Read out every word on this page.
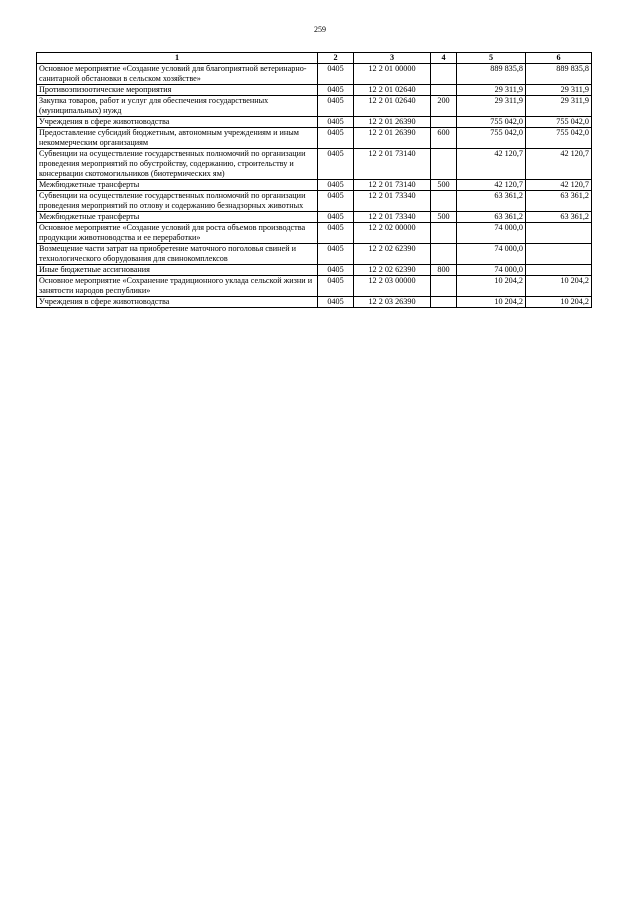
259
1	2	3	4	5	6
Основное мероприятие «Создание условий для благоприятной ветеринарно-санитарной обстановки в сельском хозяйстве»	0405	12 2 01 00000		889 835,8	889 835,8
Противоэпизоотические мероприятия	0405	12 2 01 02640		29 311,9	29 311,9
Закупка товаров, работ и услуг для обеспечения государственных (муниципальных) нужд	0405	12 2 01 02640	200	29 311,9	29 311,9
Учреждения в сфере животноводства	0405	12 2 01 26390		755 042,0	755 042,0
Предоставление субсидий бюджетным, автономным учреждениям и иным некоммерческим организациям	0405	12 2 01 26390	600	755 042,0	755 042,0
Субвенции на осуществление государственных полномочий по организации проведения мероприятий по обустройству, содержанию, строительству и консервации скотомогильников (биотермических ям)	0405	12 2 01 73140		42 120,7	42 120,7
Межбюджетные трансферты	0405	12 2 01 73140	500	42 120,7	42 120,7
Субвенции на осуществление государственных полномочий по организации проведения мероприятий по отлову и содержанию безнадзорных животных	0405	12 2 01 73340		63 361,2	63 361,2
Межбюджетные трансферты	0405	12 2 01 73340	500	63 361,2	63 361,2
Основное мероприятие «Создание условий для роста объемов производства продукции животноводства и ее переработки»	0405	12 2 02 00000		74 000,0	
Возмещение части затрат на приобретение маточного поголовья свиней и технологического оборудования для свинокомплексов	0405	12 2 02 62390		74 000,0	
Иные бюджетные ассигнования	0405	12 2 02 62390	800	74 000,0	
Основное мероприятие «Сохранение традиционного уклада сельской жизни и занятости народов республики»	0405	12 2 03 00000		10 204,2	10 204,2
Учреждения в сфере животноводства	0405	12 2 03 26390		10 204,2	10 204,2
